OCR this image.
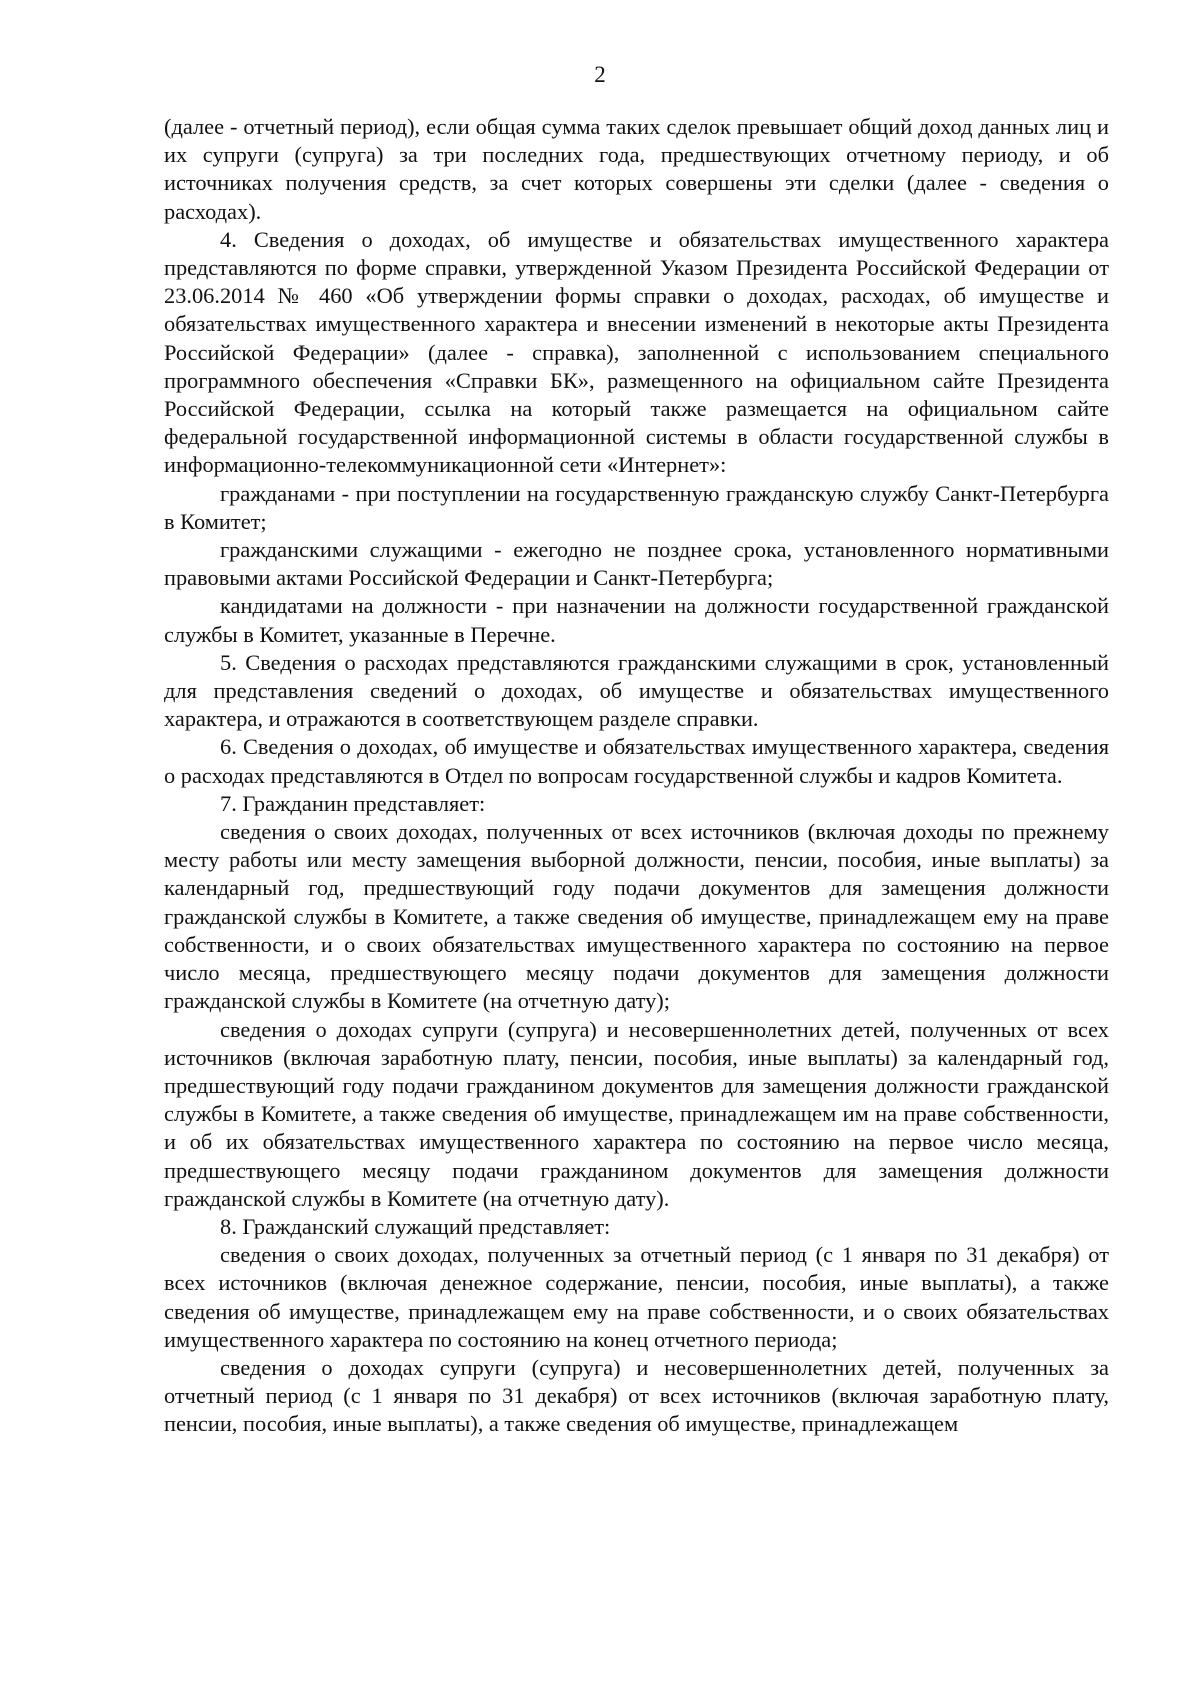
2

(далее - отчетный период), если общая сумма таких сделок превышает общий доход данных лиц и их супруги (супруга) за три последних года, предшествующих отчетному периоду, и об источниках получения средств, за счет которых совершены эти сделки (далее - сведения о расходах).

4. Сведения о доходах, об имуществе и обязательствах имущественного характера представляются по форме справки, утвержденной Указом Президента Российской Федерации от 23.06.2014 № 460 «Об утверждении формы справки о доходах, расходах, об имуществе и обязательствах имущественного характера и внесении изменений в некоторые акты Президента Российской Федерации» (далее - справка), заполненной с использованием специального программного обеспечения «Справки БК», размещенного на официальном сайте Президента Российской Федерации, ссылка на который также размещается на официальном сайте федеральной государственной информационной системы в области государственной службы в информационно-телекоммуникационной сети «Интернет»:

гражданами - при поступлении на государственную гражданскую службу Санкт-Петербурга в Комитет;

гражданскими служащими - ежегодно не позднее срока, установленного нормативными правовыми актами Российской Федерации и Санкт-Петербурга;

кандидатами на должности - при назначении на должности государственной гражданской службы в Комитет, указанные в Перечне.

5. Сведения о расходах представляются гражданскими служащими в срок, установленный для представления сведений о доходах, об имуществе и обязательствах имущественного характера, и отражаются в соответствующем разделе справки.

6. Сведения о доходах, об имуществе и обязательствах имущественного характера, сведения о расходах представляются в Отдел по вопросам государственной службы и кадров Комитета.

7. Гражданин представляет:

сведения о своих доходах, полученных от всех источников (включая доходы по прежнему месту работы или месту замещения выборной должности, пенсии, пособия, иные выплаты) за календарный год, предшествующий году подачи документов для замещения должности гражданской службы в Комитете, а также сведения об имуществе, принадлежащем ему на праве собственности, и о своих обязательствах имущественного характера по состоянию на первое число месяца, предшествующего месяцу подачи документов для замещения должности гражданской службы в Комитете (на отчетную дату);

сведения о доходах супруги (супруга) и несовершеннолетних детей, полученных от всех источников (включая заработную плату, пенсии, пособия, иные выплаты) за календарный год, предшествующий году подачи гражданином документов для замещения должности гражданской службы в Комитете, а также сведения об имуществе, принадлежащем им на праве собственности, и об их обязательствах имущественного характера по состоянию на первое число месяца, предшествующего месяцу подачи гражданином документов для замещения должности гражданской службы в Комитете (на отчетную дату).

8. Гражданский служащий представляет:

сведения о своих доходах, полученных за отчетный период (с 1 января по 31 декабря) от всех источников (включая денежное содержание, пенсии, пособия, иные выплаты), а также сведения об имуществе, принадлежащем ему на праве собственности, и о своих обязательствах имущественного характера по состоянию на конец отчетного периода;

сведения о доходах супруги (супруга) и несовершеннолетних детей, полученных за отчетный период (с 1 января по 31 декабря) от всех источников (включая заработную плату, пенсии, пособия, иные выплаты), а также сведения об имуществе, принадлежащем
